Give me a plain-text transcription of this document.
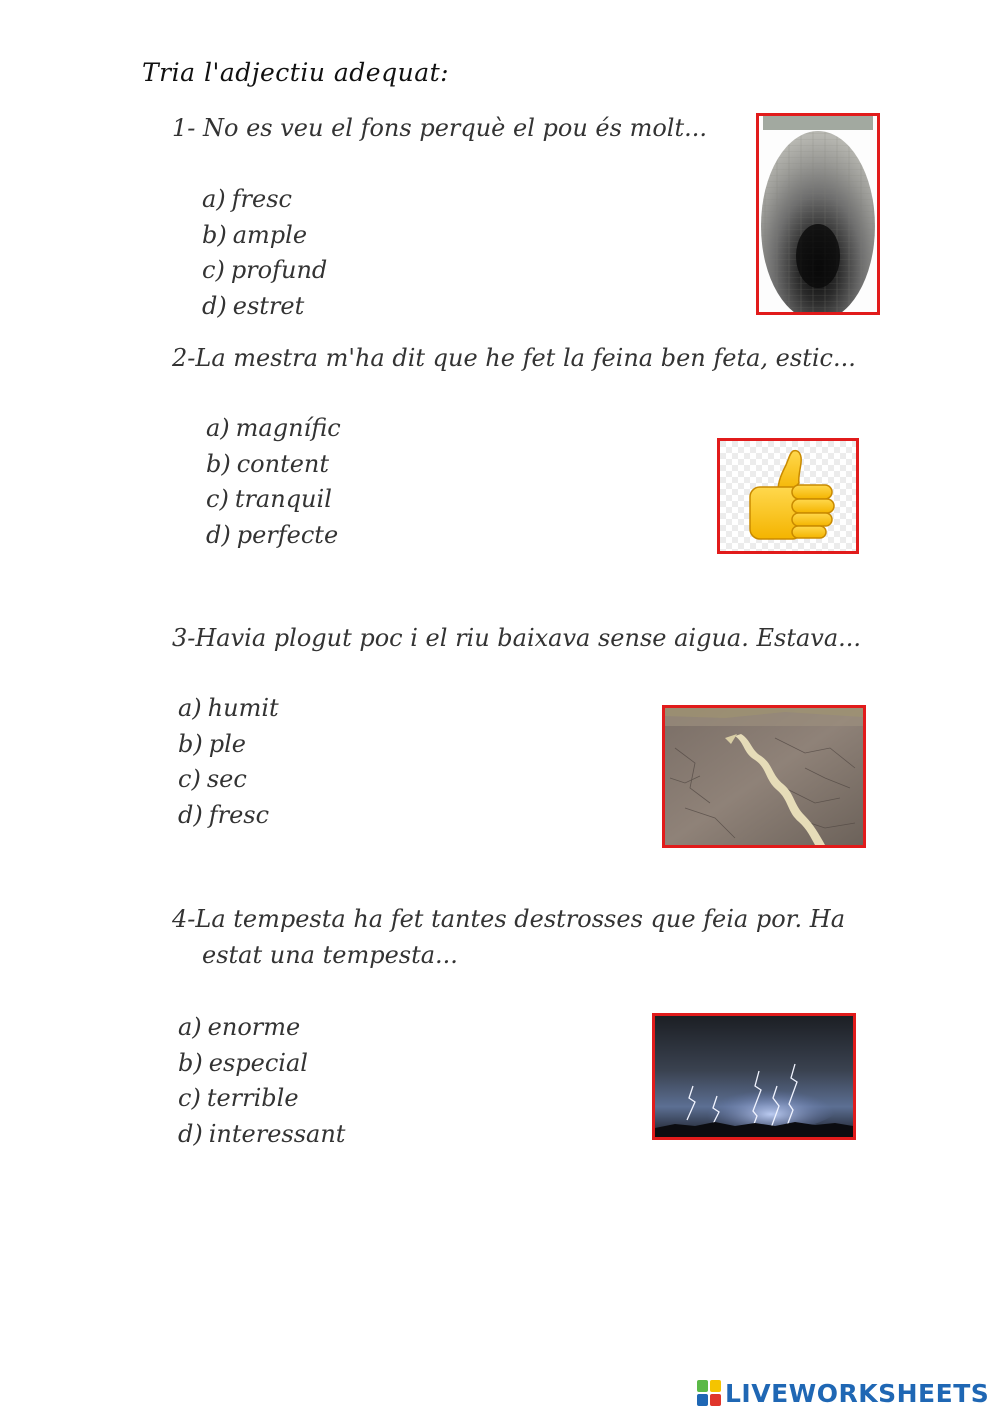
Tria l'adjectiu adequat:
1- No es veu el fons perquè el pou és molt...
a) fresc
b) ample
c) profund
d) estret
2-La mestra m'ha dit que he fet la feina ben feta, estic...
a) magnífic
b) content
c) tranquil
d) perfecte
3-Havia plogut poc i el riu baixava sense aigua. Estava...
a) humit
b) ple
c) sec
d) fresc
4-La tempesta ha fet tantes destrosses que feia por. Ha
estat una tempesta...
a) enorme
b) especial
c) terrible
d) interessant
LIVEWORKSHEETS
